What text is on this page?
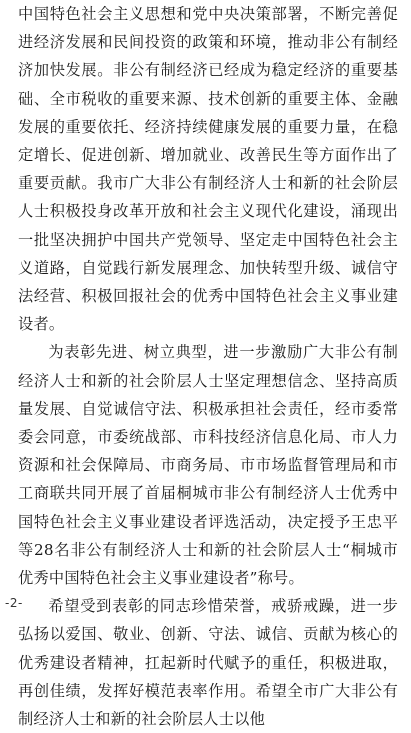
中国特色社会主义思想和党中央决策部署，不断完善促进经济发展和民间投资的政策和环境，推动非公有制经济加快发展。非公有制经济已经成为稳定经济的重要基础、全市税收的重要来源、技术创新的重要主体、金融发展的重要依托、经济持续健康发展的重要力量，在稳定增长、促进创新、增加就业、改善民生等方面作出了重要贡献。我市广大非公有制经济人士和新的社会阶层人士积极投身改革开放和社会主义现代化建设，涌现出一批坚决拥护中国共产党领导、坚定走中国特色社会主义道路，自觉践行新发展理念、加快转型升级、诚信守法经营、积极回报社会的优秀中国特色社会主义事业建设者。

为表彰先进、树立典型，进一步激励广大非公有制经济人士和新的社会阶层人士坚定理想信念、坚持高质量发展、自觉诚信守法、积极承担社会责任，经市委常委会同意，市委统战部、市科技经济信息化局、市人力资源和社会保障局、市商务局、市市场监督管理局和市工商联共同开展了首届桐城市非公有制经济人士优秀中国特色社会主义事业建设者评选活动，决定授予王忠平等28名非公有制经济人士和新的社会阶层人士“桐城市优秀中国特色社会主义事业建设者”称号。

希望受到表彰的同志珍惜荣誉，戒骄戒躁，进一步弘扬以爱国、敬业、创新、守法、诚信、贡献为核心的优秀建设者精神，扛起新时代赋予的重任，积极进取，再创佳绩，发挥好模范表率作用。希望全市广大非公有制经济人士和新的社会阶层人士以他

-2-
